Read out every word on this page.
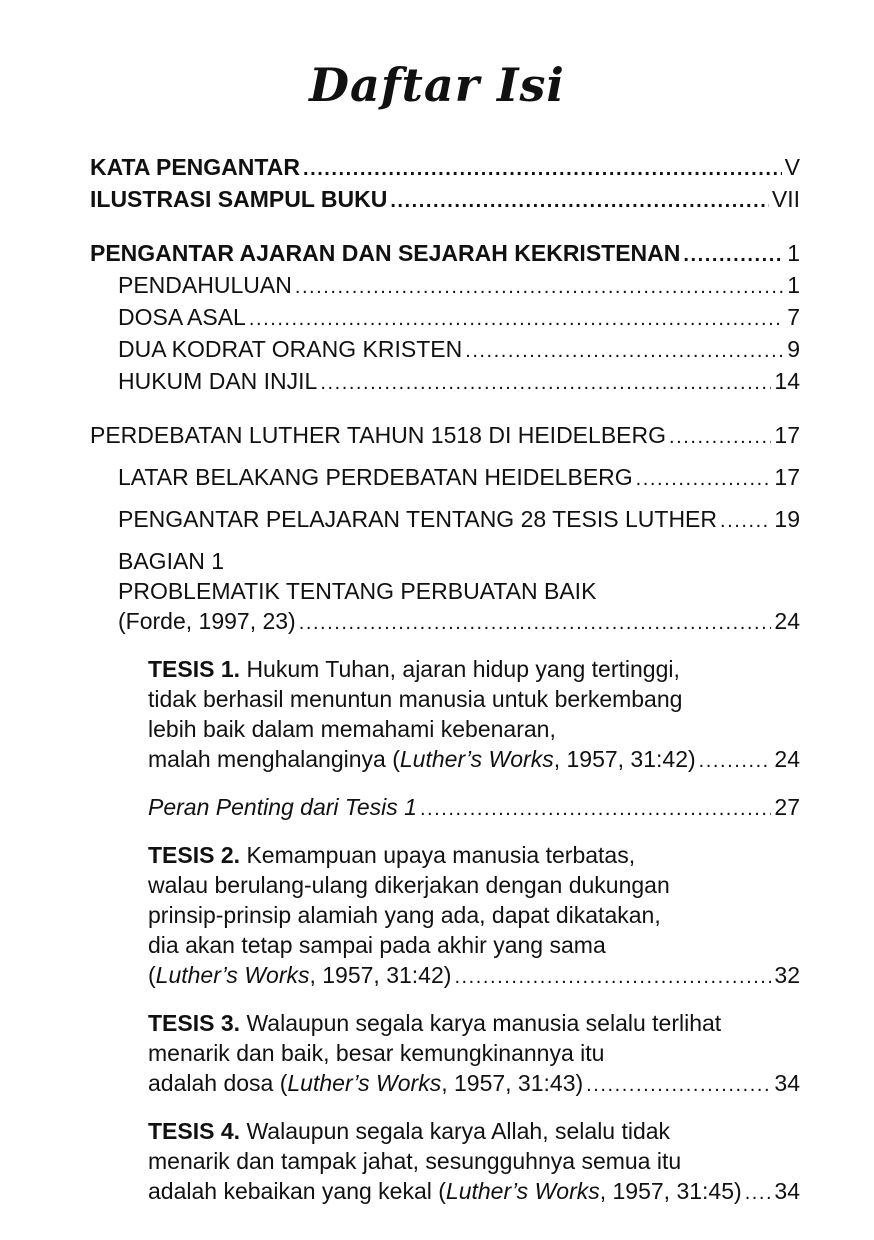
Daftar Isi
KATA PENGANTAR . . .	V
ILUSTRASI SAMPUL BUKU . . .	VII
PENGANTAR AJARAN DAN SEJARAH KEKRISTENAN . . .	1
PENDAHULUAN . . .	1
DOSA ASAL . . .	7
DUA KODRAT ORANG KRISTEN . . .	9
HUKUM DAN INJIL . . .	14
PERDEBATAN LUTHER TAHUN 1518 DI HEIDELBERG . . .	17
LATAR BELAKANG PERDEBATAN HEIDELBERG . . .	17
PENGANTAR PELAJARAN TENTANG 28 TESIS LUTHER . . . 19
BAGIAN 1
PROBLEMATIK TENTANG PERBUATAN BAIK
(Forde, 1997, 23) . . .	24
TESIS 1. Hukum Tuhan, ajaran hidup yang tertinggi,
tidak berhasil menuntun manusia untuk berkembang
lebih baik dalam memahami kebenaran,
malah menghalanginya (Luther’s Works, 1957, 31:42) . . .	24
Peran Penting dari Tesis 1 . . .	27
TESIS 2. Kemampuan upaya manusia terbatas,
walau berulang-ulang dikerjakan dengan dukungan
prinsip-prinsip alamiah yang ada, dapat dikatakan,
dia akan tetap sampai pada akhir yang sama
(Luther’s Works, 1957, 31:42) . . .	32
TESIS 3. Walaupun segala karya manusia selalu terlihat
menarik dan baik, besar kemungkinannya itu
adalah dosa (Luther’s Works, 1957, 31:43) . . .	34
TESIS 4. Walaupun segala karya Allah, selalu tidak
menarik dan tampak jahat, sesungguhnya semua itu
adalah kebaikan yang kekal (Luther’s Works, 1957, 31:45) . . . 34
